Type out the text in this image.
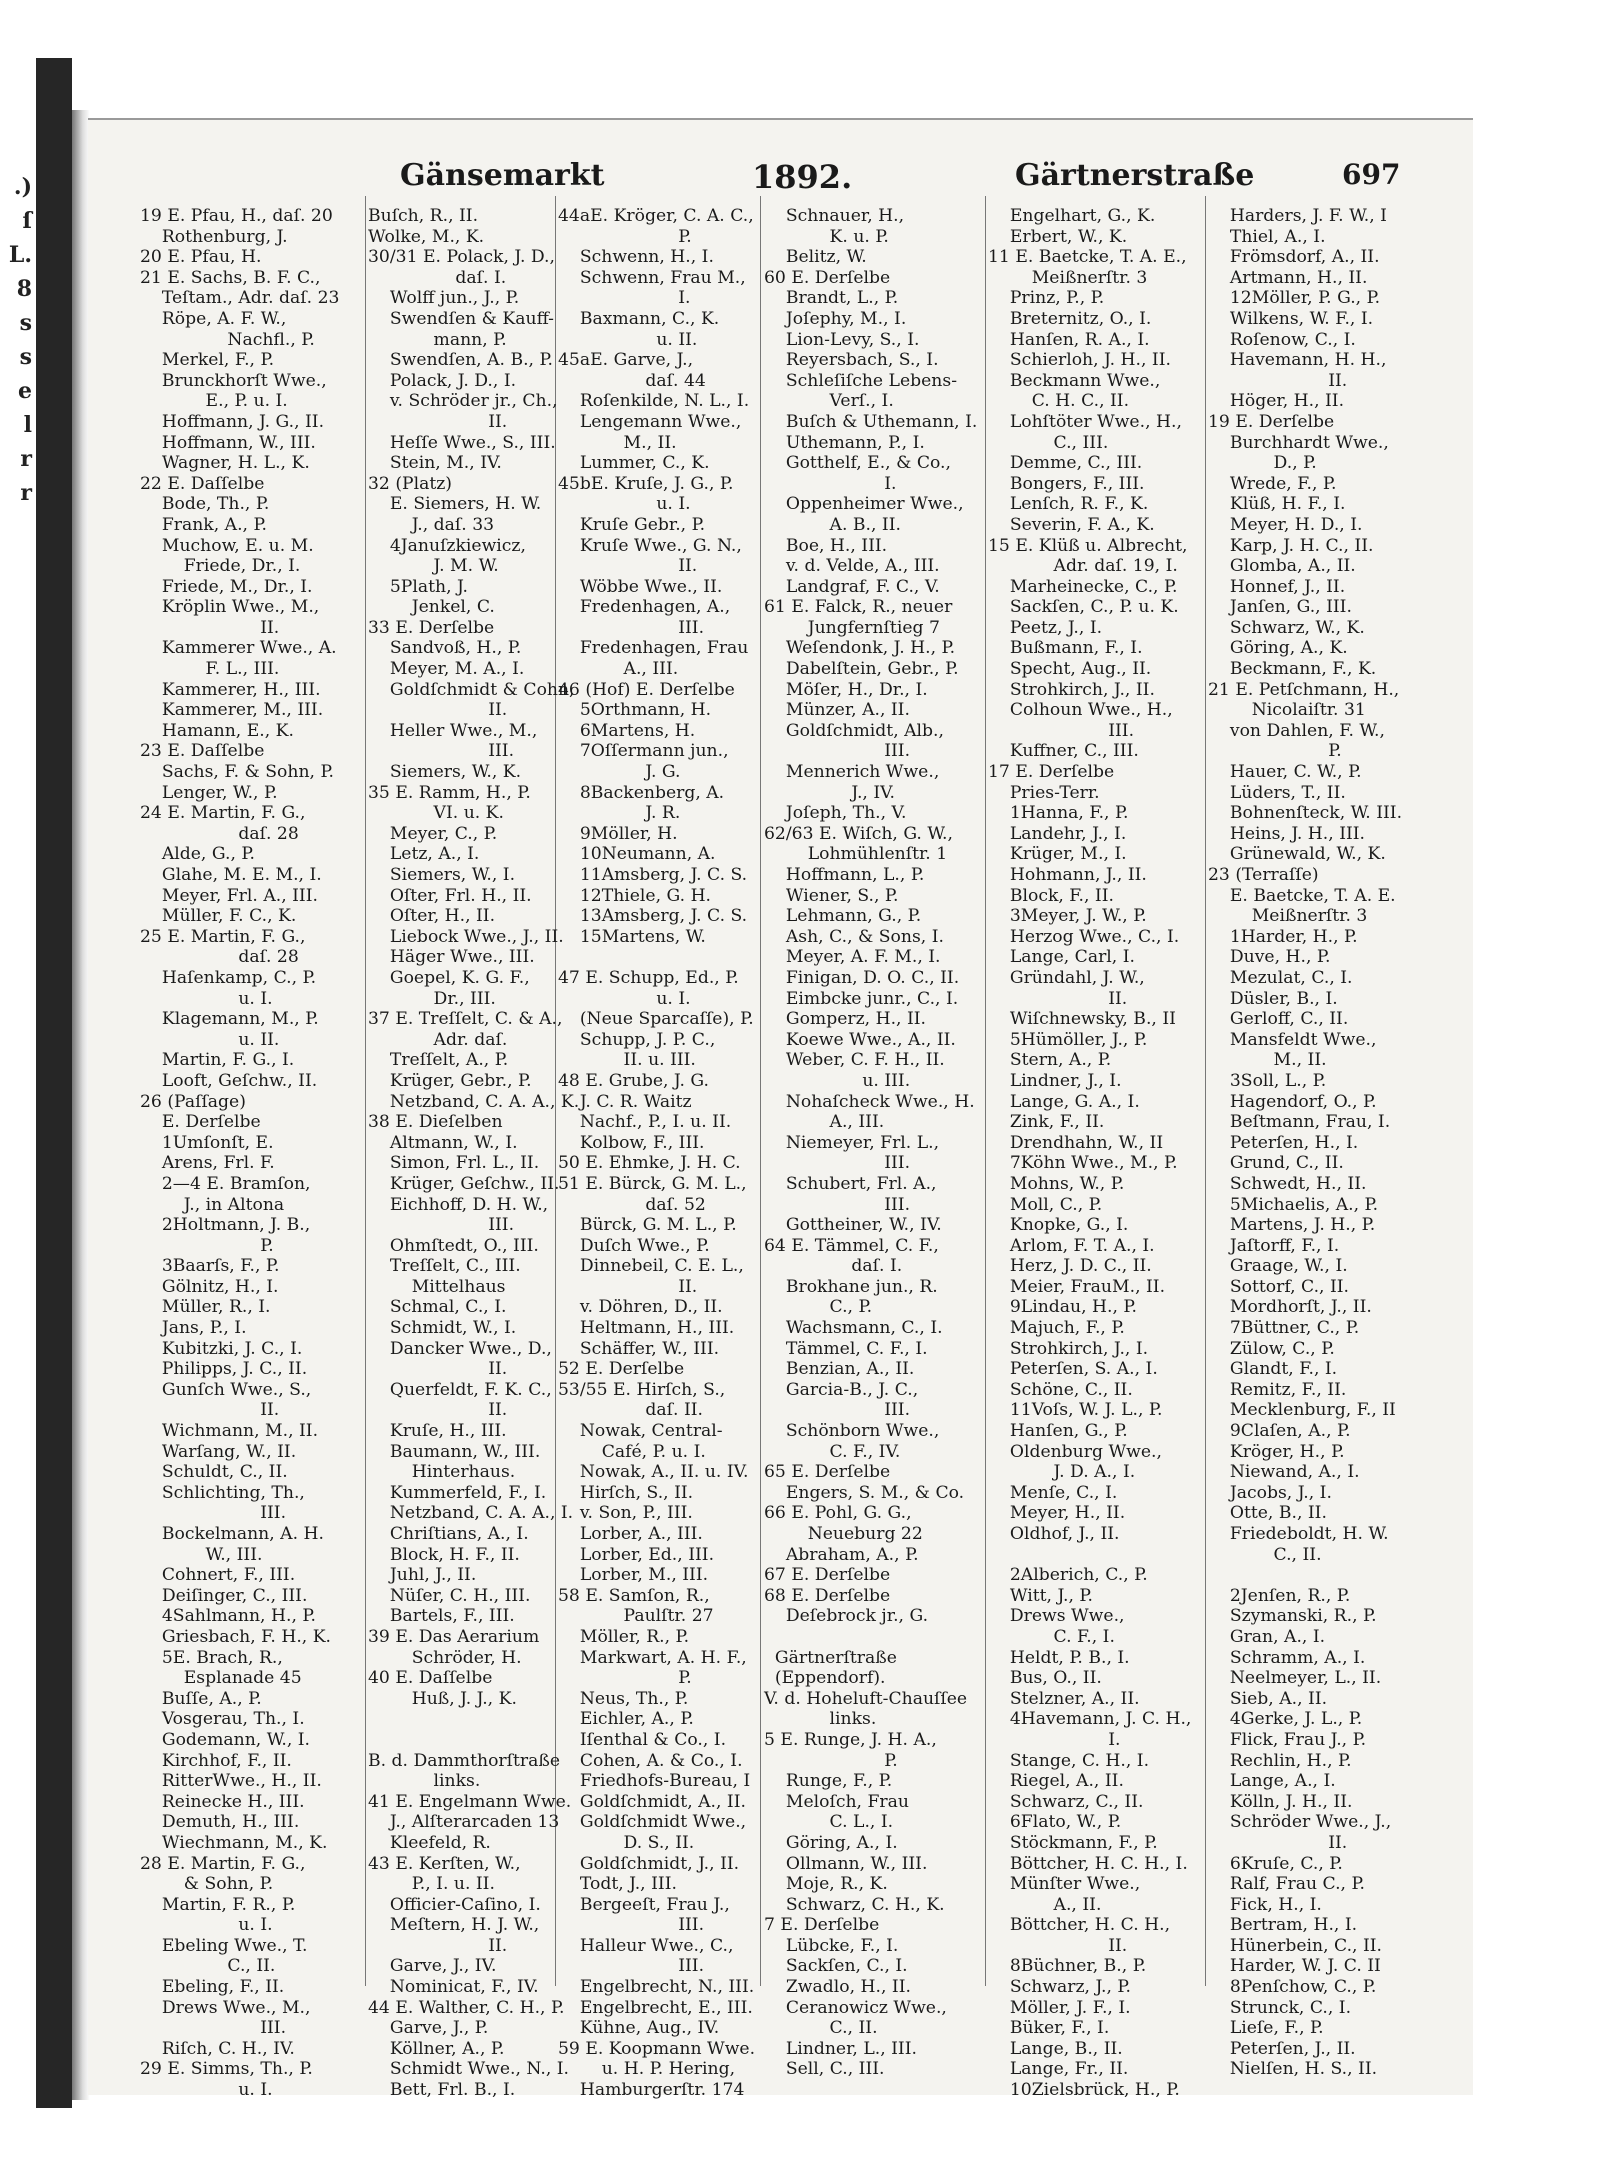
.)
ſ
L.
8
s
s
e
l
r
r
Gänsemarkt	1892.	Gärtnerstraße	697
19 E. Pfau, H., daſ. 20
Rothenburg, J.
20 E. Pfau, H.
21 E. Sachs, B. F. C.,
Teſtam., Adr. daſ. 23
Röpe, A. F. W.,
Nachfl., P.
Merkel, F., P.
Brunckhorſt Wwe.,
E., P. u. I.
Hoffmann, J. G., II.
Hoffmann, W., III.
Wagner, H. L., K.
22 E. Daſſelbe
Bode, Th., P.
Frank, A., P.
Muchow, E. u. M.
Friede, Dr., I.
Friede, M., Dr., I.
Kröplin Wwe., M.,
II.
Kammerer Wwe., A.
F. L., III.
Kammerer, H., III.
Kammerer, M., III.
Hamann, E., K.
23 E. Daſſelbe
Sachs, F. & Sohn, P.
Lenger, W., P.
24 E. Martin, F. G.,
daſ. 28
Alde, G., P.
Glahe, M. E. M., I.
Meyer, Frl. A., III.
Müller, F. C., K.
25 E. Martin, F. G.,
daſ. 28
Haſenkamp, C., P.
u. I.
Klagemann, M., P.
u. II.
Martin, F. G., I.
Looft, Geſchw., II.
26 (Paſſage)
E. Derſelbe
1Umſonſt, E.
Arens, Frl. F.
2—4 E. Bramſon,
J., in Altona
2Holtmann, J. B.,
P.
3Baarſs, F., P.
Gölnitz, H., I.
Müller, R., I.
Jans, P., I.
Kubitzki, J. C., I.
Philipps, J. C., II.
Gunſch Wwe., S.,
II.
Wichmann, M., II.
Warſang, W., II.
Schuldt, C., II.
Schlichting, Th.,
III.
Bockelmann, A. H.
W., III.
Cohnert, F., III.
Deiſinger, C., III.
4Sahlmann, H., P.
Griesbach, F. H., K.
5E. Brach, R.,
Esplanade 45
Buſſe, A., P.
Vosgerau, Th., I.
Godemann, W., I.
Kirchhof, F., II.
RitterWwe., H., II.
Reinecke H., III.
Demuth, H., III.
Wiechmann, M., K.
28 E. Martin, F. G.,
& Sohn, P.
Martin, F. R., P.
u. I.
Ebeling Wwe., T.
C., II.
Ebeling, F., II.
Drews Wwe., M.,
III.
Riſch, C. H., IV.
29 E. Simms, Th., P.
u. I.
Buſch, R., II.
Wolke, M., K.
30/31 E. Polack, J. D.,
daſ. I.
Wolff jun., J., P.
Swendſen & Kauff-
mann, P.
Swendſen, A. B., P.
Polack, J. D., I.
v. Schröder jr., Ch.,
II.
Heſſe Wwe., S., III.
Stein, M., IV.
32 (Platz)
E. Siemers, H. W.
J., daſ. 33
4Januſzkiewicz,
J. M. W.
5Plath, J.
Jenkel, C.
33 E. Derſelbe
Sandvoß, H., P.
Meyer, M. A., I.
Goldſchmidt & Cohn,
II.
Heller Wwe., M.,
III.
Siemers, W., K.
35 E. Ramm, H., P.
VI. u. K.
Meyer, C., P.
Letz, A., I.
Siemers, W., I.
Oſter, Frl. H., II.
Oſter, H., II.
Liebock Wwe., J., II.
Häger Wwe., III.
Goepel, K. G. F.,
Dr., III.
37 E. Treſſelt, C. & A.,
Adr. daſ.
Treſſelt, A., P.
Krüger, Gebr., P.
Netzband, C. A. A., K.
38 E. Dieſelben
Altmann, W., I.
Simon, Frl. L., II.
Krüger, Geſchw., II.
Eichhoff, D. H. W.,
III.
Ohmſtedt, O., III.
Treſſelt, C., III.
Mittelhaus
Schmal, C., I.
Schmidt, W., I.
Dancker Wwe., D.,
II.
Querfeldt, F. K. C.,
II.
Kruſe, H., III.
Baumann, W., III.
Hinterhaus.
Kummerfeld, F., I.
Netzband, C. A. A., I.
Chriſtians, A., I.
Block, H. F., II.
Juhl, J., II.
Nüſer, C. H., III.
Bartels, F., III.
39 E. Das Aerarium
Schröder, H.
40 E. Daſſelbe
Huß, J. J., K.
B. d. Dammthorſtraße
links.
41 E. Engelmann Wwe.
J., Alſterarcaden 13
Kleefeld, R.
43 E. Kerſten, W.,
P., I. u. II.
Officier-Caſino, I.
Meſtern, H. J. W.,
II.
Garve, J., IV.
Nominicat, F., IV.
44 E. Walther, C. H., P.
Garve, J., P.
Köllner, A., P.
Schmidt Wwe., N., I.
Bett, Frl. B., I.
44aE. Kröger, C. A. C.,
P.
Schwenn, H., I.
Schwenn, Frau M.,
I.
Baxmann, C., K.
u. II.
45aE. Garve, J.,
daſ. 44
Roſenkilde, N. L., I.
Lengemann Wwe.,
M., II.
Lummer, C., K.
45bE. Kruſe, J. G., P.
u. I.
Kruſe Gebr., P.
Kruſe Wwe., G. N.,
II.
Wöbbe Wwe., II.
Fredenhagen, A.,
III.
Fredenhagen, Frau
A., III.
46 (Hof) E. Derſelbe
5Orthmann, H.
6Martens, H.
7Oſſermann jun.,
J. G.
8Backenberg, A.
J. R.
9Möller, H.
10Neumann, A.
11Amsberg, J. C. S.
12Thiele, G. H.
13Amsberg, J. C. S.
15Martens, W.
47 E. Schupp, Ed., P.
u. I.
(Neue Sparcaſſe), P.
Schupp, J. P. C.,
II. u. III.
48 E. Grube, J. G.
J. C. R. Waitz
Nachf., P., I. u. II.
Kolbow, F., III.
50 E. Ehmke, J. H. C.
51 E. Bürck, G. M. L.,
daſ. 52
Bürck, G. M. L., P.
Duſch Wwe., P.
Dinnebeil, C. E. L.,
II.
v. Döhren, D., II.
Heltmann, H., III.
Schäffer, W., III.
52 E. Derſelbe
53/55 E. Hirſch, S.,
daſ. II.
Nowak, Central-
Café, P. u. I.
Nowak, A., II. u. IV.
Hirſch, S., II.
v. Son, P., III.
Lorber, A., III.
Lorber, Ed., III.
Lorber, M., III.
58 E. Samſon, R.,
Paulſtr. 27
Möller, R., P.
Markwart, A. H. F.,
P.
Neus, Th., P.
Eichler, A., P.
Iſenthal & Co., I.
Cohen, A. & Co., I.
Friedhofs-Bureau, I
Goldſchmidt, A., II.
Goldſchmidt Wwe.,
D. S., II.
Goldſchmidt, J., II.
Todt, J., III.
Bergeeſt, Frau J.,
III.
Halleur Wwe., C.,
III.
Engelbrecht, N., III.
Engelbrecht, E., III.
Kühne, Aug., IV.
59 E. Koopmann Wwe.
u. H. P. Hering,
Hamburgerſtr. 174
Schnauer, H.,
K. u. P.
Belitz, W.
60 E. Derſelbe
Brandt, L., P.
Joſephy, M., I.
Lion-Levy, S., I.
Reyersbach, S., I.
Schleſiſche Lebens-
Verſ., I.
Buſch & Uthemann, I.
Uthemann, P., I.
Gotthelf, E., & Co.,
I.
Oppenheimer Wwe.,
A. B., II.
Boe, H., III.
v. d. Velde, A., III.
Landgraf, F. C., V.
61 E. Falck, R., neuer
Jungfernſtieg 7
Weſendonk, J. H., P.
Dabelſtein, Gebr., P.
Möſer, H., Dr., I.
Münzer, A., II.
Goldſchmidt, Alb.,
III.
Mennerich Wwe.,
J., IV.
Joſeph, Th., V.
62/63 E. Wiſch, G. W.,
Lohmühlenſtr. 1
Hoffmann, L., P.
Wiener, S., P.
Lehmann, G., P.
Ash, C., & Sons, I.
Meyer, A. F. M., I.
Finigan, D. O. C., II.
Eimbcke junr., C., I.
Gomperz, H., II.
Koewe Wwe., A., II.
Weber, C. F. H., II.
u. III.
Nohaſcheck Wwe., H.
A., III.
Niemeyer, Frl. L.,
III.
Schubert, Frl. A.,
III.
Gottheiner, W., IV.
64 E. Tämmel, C. F.,
daſ. I.
Brokhane jun., R.
C., P.
Wachsmann, C., I.
Tämmel, C. F., I.
Benzian, A., II.
Garcia-B., J. C.,
III.
Schönborn Wwe.,
C. F., IV.
65 E. Derſelbe
Engers, S. M., & Co.
66 E. Pohl, G. G.,
Neueburg 22
Abraham, A., P.
67 E. Derſelbe
68 E. Derſelbe
Deſebrock jr., G.
Gärtnerſtraße
(Eppendorf).
V. d. Hoheluft-Chauſſee
links.
5 E. Runge, J. H. A.,
P.
Runge, F., P.
Meloſch, Frau
C. L., I.
Göring, A., I.
Ollmann, W., III.
Moje, R., K.
Schwarz, C. H., K.
7 E. Derſelbe
Lübcke, F., I.
Sackſen, C., I.
Zwadlo, H., II.
Ceranowicz Wwe.,
C., II.
Lindner, L., III.
Sell, C., III.
Engelhart, G., K.
Erbert, W., K.
11 E. Baetcke, T. A. E.,
Meißnerſtr. 3
Prinz, P., P.
Breternitz, O., I.
Hanſen, R. A., I.
Schierloh, J. H., II.
Beckmann Wwe.,
C. H. C., II.
Lohſtöter Wwe., H.,
C., III.
Demme, C., III.
Bongers, F., III.
Lenſch, R. F., K.
Severin, F. A., K.
15 E. Klüß u. Albrecht,
Adr. daſ. 19, I.
Marheinecke, C., P.
Sackſen, C., P. u. K.
Peetz, J., I.
Bußmann, F., I.
Specht, Aug., II.
Strohkirch, J., II.
Colhoun Wwe., H.,
III.
Kuffner, C., III.
17 E. Derſelbe
Pries-Terr.
1Hanna, F., P.
Landehr, J., I.
Krüger, M., I.
Hohmann, J., II.
Block, F., II.
3Meyer, J. W., P.
Herzog Wwe., C., I.
Lange, Carl, I.
Gründahl, J. W.,
II.
Wiſchnewsky, B., II
5Hümöller, J., P.
Stern, A., P.
Lindner, J., I.
Lange, G. A., I.
Zink, F., II.
Drendhahn, W., II
7Köhn Wwe., M., P.
Mohns, W., P.
Moll, C., P.
Knopke, G., I.
Arlom, F. T. A., I.
Herz, J. D. C., II.
Meier, FrauM., II.
9Lindau, H., P.
Majuch, F., P.
Strohkirch, J., I.
Peterſen, S. A., I.
Schöne, C., II.
11Voſs, W. J. L., P.
Hanſen, G., P.
Oldenburg Wwe.,
J. D. A., I.
Menſe, C., I.
Meyer, H., II.
Oldhof, J., II.
2Alberich, C., P.
Witt, J., P.
Drews Wwe.,
C. F., I.
Heldt, P. B., I.
Bus, O., II.
Stelzner, A., II.
4Havemann, J. C. H.,
I.
Stange, C. H., I.
Riegel, A., II.
Schwarz, C., II.
6Flato, W., P.
Stöckmann, F., P.
Böttcher, H. C. H., I.
Münſter Wwe.,
A., II.
Böttcher, H. C. H.,
II.
8Büchner, B., P.
Schwarz, J., P.
Möller, J. F., I.
Büker, F., I.
Lange, B., II.
Lange, Fr., II.
10Zielsbrück, H., P.
Harders, J. F. W., I
Thiel, A., I.
Frömsdorf, A., II.
Artmann, H., II.
12Möller, P. G., P.
Wilkens, W. F., I.
Roſenow, C., I.
Havemann, H. H.,
II.
Höger, H., II.
19 E. Derſelbe
Burchhardt Wwe.,
D., P.
Wrede, F., P.
Klüß, H. F., I.
Meyer, H. D., I.
Karp, J. H. C., II.
Glomba, A., II.
Honnef, J., II.
Janſen, G., III.
Schwarz, W., K.
Göring, A., K.
Beckmann, F., K.
21 E. Petſchmann, H.,
Nicolaiſtr. 31
von Dahlen, F. W.,
P.
Hauer, C. W., P.
Lüders, T., II.
Bohnenſteck, W. III.
Heins, J. H., III.
Grünewald, W., K.
23 (Terraſſe)
E. Baetcke, T. A. E.
Meißnerſtr. 3
1Harder, H., P.
Duve, H., P.
Mezulat, C., I.
Düsler, B., I.
Gerloff, C., II.
Mansfeldt Wwe.,
M., II.
3Soll, L., P.
Hagendorf, O., P.
Beſtmann, Frau, I.
Peterſen, H., I.
Grund, C., II.
Schwedt, H., II.
5Michaelis, A., P.
Martens, J. H., P.
Jaſtorff, F., I.
Graage, W., I.
Sottorf, C., II.
Mordhorſt, J., II.
7Büttner, C., P.
Zülow, C., P.
Glandt, F., I.
Remitz, F., II.
Mecklenburg, F., II
9Claſen, A., P.
Kröger, H., P.
Niewand, A., I.
Jacobs, J., I.
Otte, B., II.
Friedeboldt, H. W.
C., II.
2Jenſen, R., P.
Szymanski, R., P.
Gran, A., I.
Schramm, A., I.
Neelmeyer, L., II.
Sieb, A., II.
4Gerke, J. L., P.
Flick, Frau J., P.
Rechlin, H., P.
Lange, A., I.
Kölln, J. H., II.
Schröder Wwe., J.,
II.
6Kruſe, C., P.
Ralf, Frau C., P.
Fick, H., I.
Bertram, H., I.
Hünerbein, C., II.
Harder, W. J. C. II
8Penſchow, C., P.
Strunck, C., I.
Lieſe, F., P.
Peterſen, J., II.
Nielſen, H. S., II.
